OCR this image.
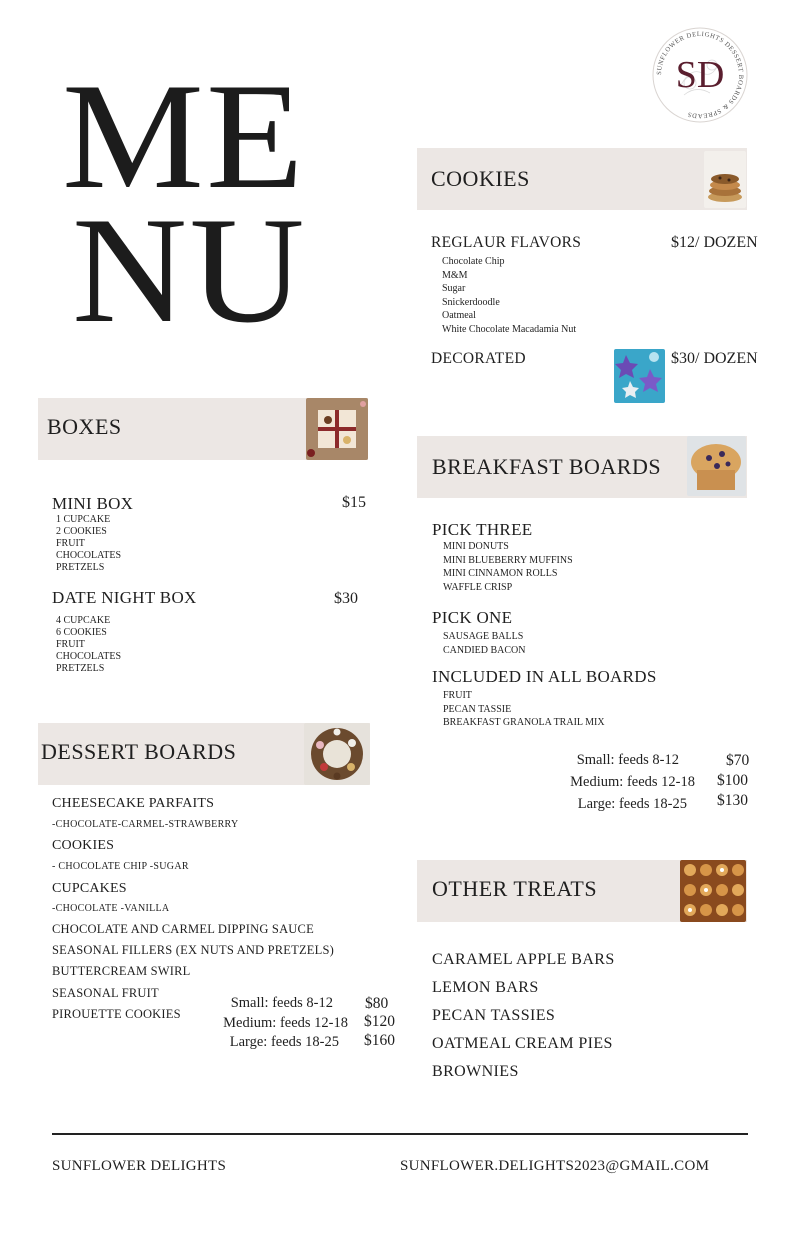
ME
NU
SD
SUNFLOWER DELIGHTS DESSERT BOARDS & SPREADS
COOKIES
REGLAUR FLAVORS	$12/ DOZEN
Chocolate Chip
M&M
Sugar
Snickerdoodle
Oatmeal
White Chocolate Macadamia Nut
DECORATED	$30/ DOZEN
BOXES
MINI BOX	$15
1 CUPCAKE
2 COOKIES
FRUIT
CHOCOLATES
PRETZELS
DATE NIGHT BOX	$30
4 CUPCAKE
6 COOKIES
FRUIT
CHOCOLATES
PRETZELS
BREAKFAST BOARDS
PICK THREE
MINI DONUTS
MINI BLUEBERRY MUFFINS
MINI CINNAMON ROLLS
WAFFLE CRISP
PICK ONE
SAUSAGE BALLS
CANDIED BACON
INCLUDED IN ALL BOARDS
FRUIT
PECAN TASSIE
BREAKFAST GRANOLA TRAIL MIX
Small: feeds 8-12	$70
Medium: feeds 12-18 $100
Large: feeds 18-25 $130
DESSERT BOARDS
CHEESECAKE PARFAITS
-CHOCOLATE-CARMEL-STRAWBERRY
COOKIES
- CHOCOLATE CHIP -SUGAR
CUPCAKES
-CHOCOLATE -VANILLA
CHOCOLATE AND CARMEL DIPPING SAUCE
SEASONAL FILLERS (EX NUTS AND PRETZELS)
BUTTERCREAM SWIRL
SEASONAL FRUIT
PIROUETTE COOKIES
Small: feeds 8-12 $80
Medium: feeds 12-18 $120
Large: feeds 18-25 $160
OTHER TREATS
CARAMEL APPLE BARS
LEMON BARS
PECAN TASSIES
OATMEAL CREAM PIES
BROWNIES
SUNFLOWER DELIGHTS	SUNFLOWER.DELIGHTS2023@GMAIL.COM
